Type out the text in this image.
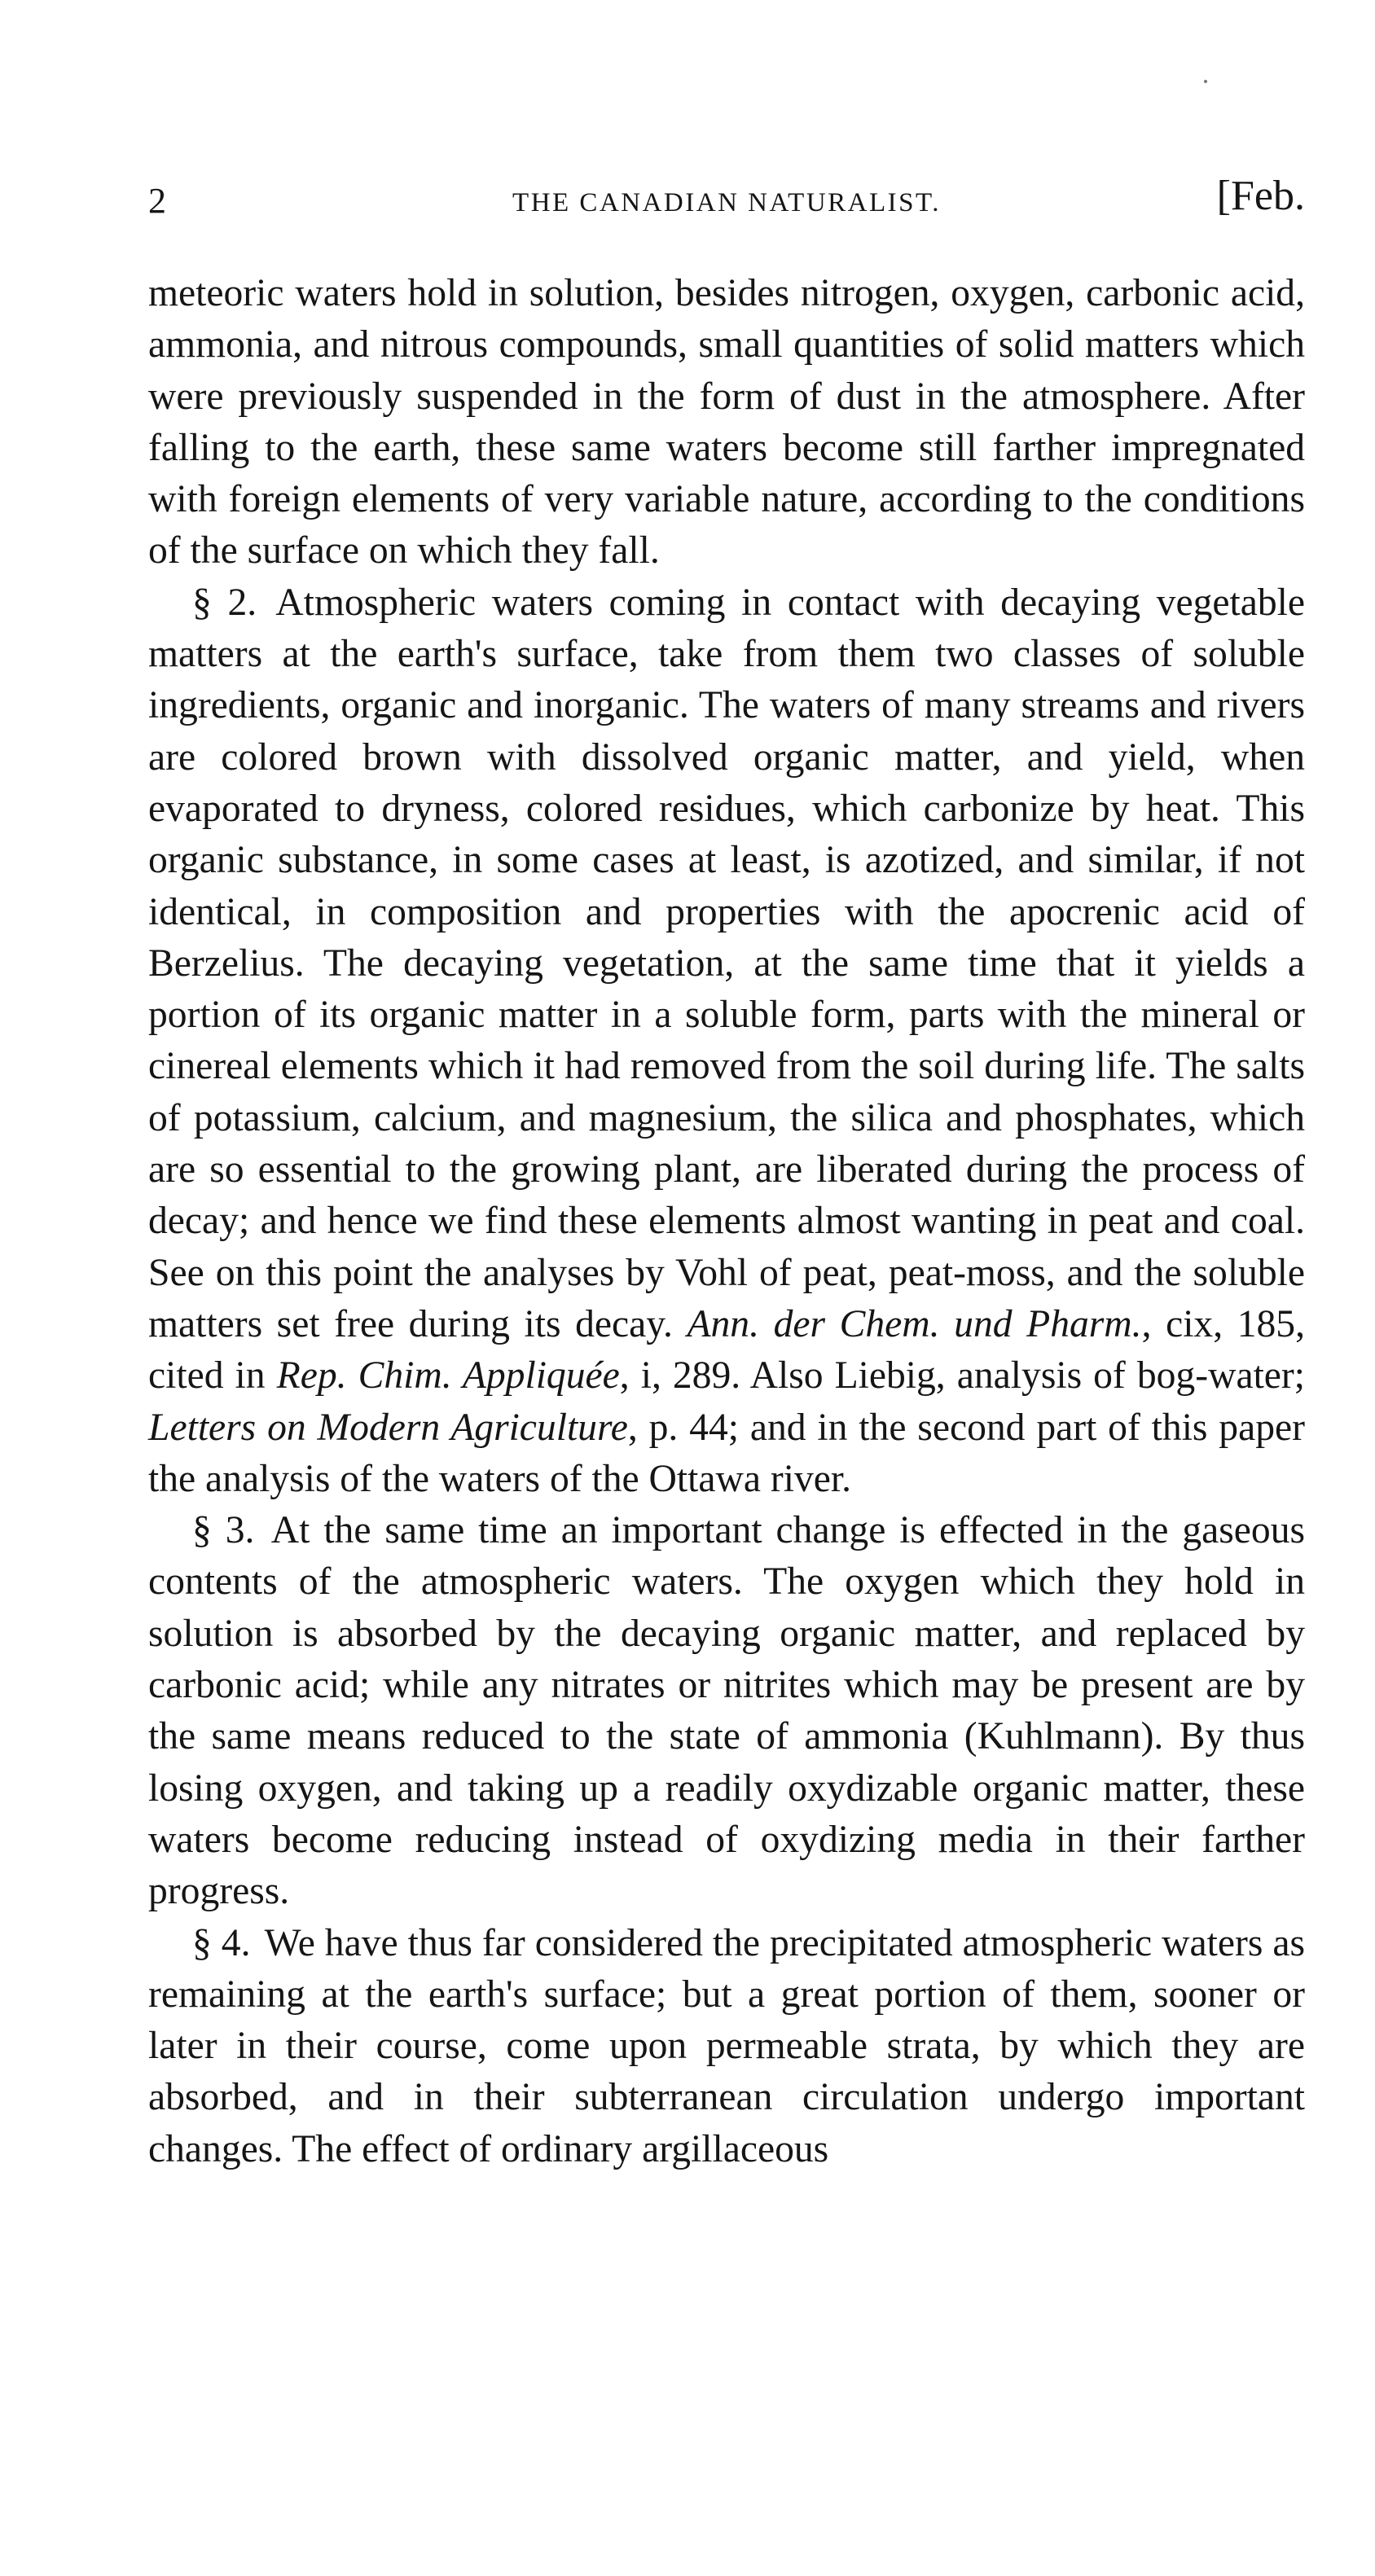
2	THE CANADIAN NATURALIST.	[Feb.

meteoric waters hold in solution, besides nitrogen, oxygen, carbonic acid, ammonia, and nitrous compounds, small quantities of solid matters which were previously suspended in the form of dust in the atmosphere. After falling to the earth, these same waters become still farther impregnated with foreign elements of very variable nature, according to the conditions of the surface on which they fall.

§ 2. Atmospheric waters coming in contact with decaying vegetable matters at the earth's surface, take from them two classes of soluble ingredients, organic and inorganic. The waters of many streams and rivers are colored brown with dissolved organic matter, and yield, when evaporated to dryness, colored residues, which carbonize by heat. This organic substance, in some cases at least, is azotized, and similar, if not identical, in composition and properties with the apocrenic acid of Berzelius. The decaying vegetation, at the same time that it yields a portion of its organic matter in a soluble form, parts with the mineral or cinereal elements which it had removed from the soil during life. The salts of potassium, calcium, and magnesium, the silica and phosphates, which are so essential to the growing plant, are liberated during the process of decay; and hence we find these elements almost wanting in peat and coal. See on this point the analyses by Vohl of peat, peat-moss, and the soluble matters set free during its decay. Ann. der Chem. und Pharm., cix, 185, cited in Rep. Chim. Appliquée, i, 289. Also Liebig, analysis of bog-water; Letters on Modern Agriculture, p. 44; and in the second part of this paper the analysis of the waters of the Ottawa river.

§ 3. At the same time an important change is effected in the gaseous contents of the atmospheric waters. The oxygen which they hold in solution is absorbed by the decaying organic matter, and replaced by carbonic acid; while any nitrates or nitrites which may be present are by the same means reduced to the state of ammonia (Kuhlmann). By thus losing oxygen, and taking up a readily oxydizable organic matter, these waters become reducing instead of oxydizing media in their farther progress.

§ 4. We have thus far considered the precipitated atmospheric waters as remaining at the earth's surface; but a great portion of them, sooner or later in their course, come upon permeable strata, by which they are absorbed, and in their subterranean circulation undergo important changes. The effect of ordinary argillaceous
